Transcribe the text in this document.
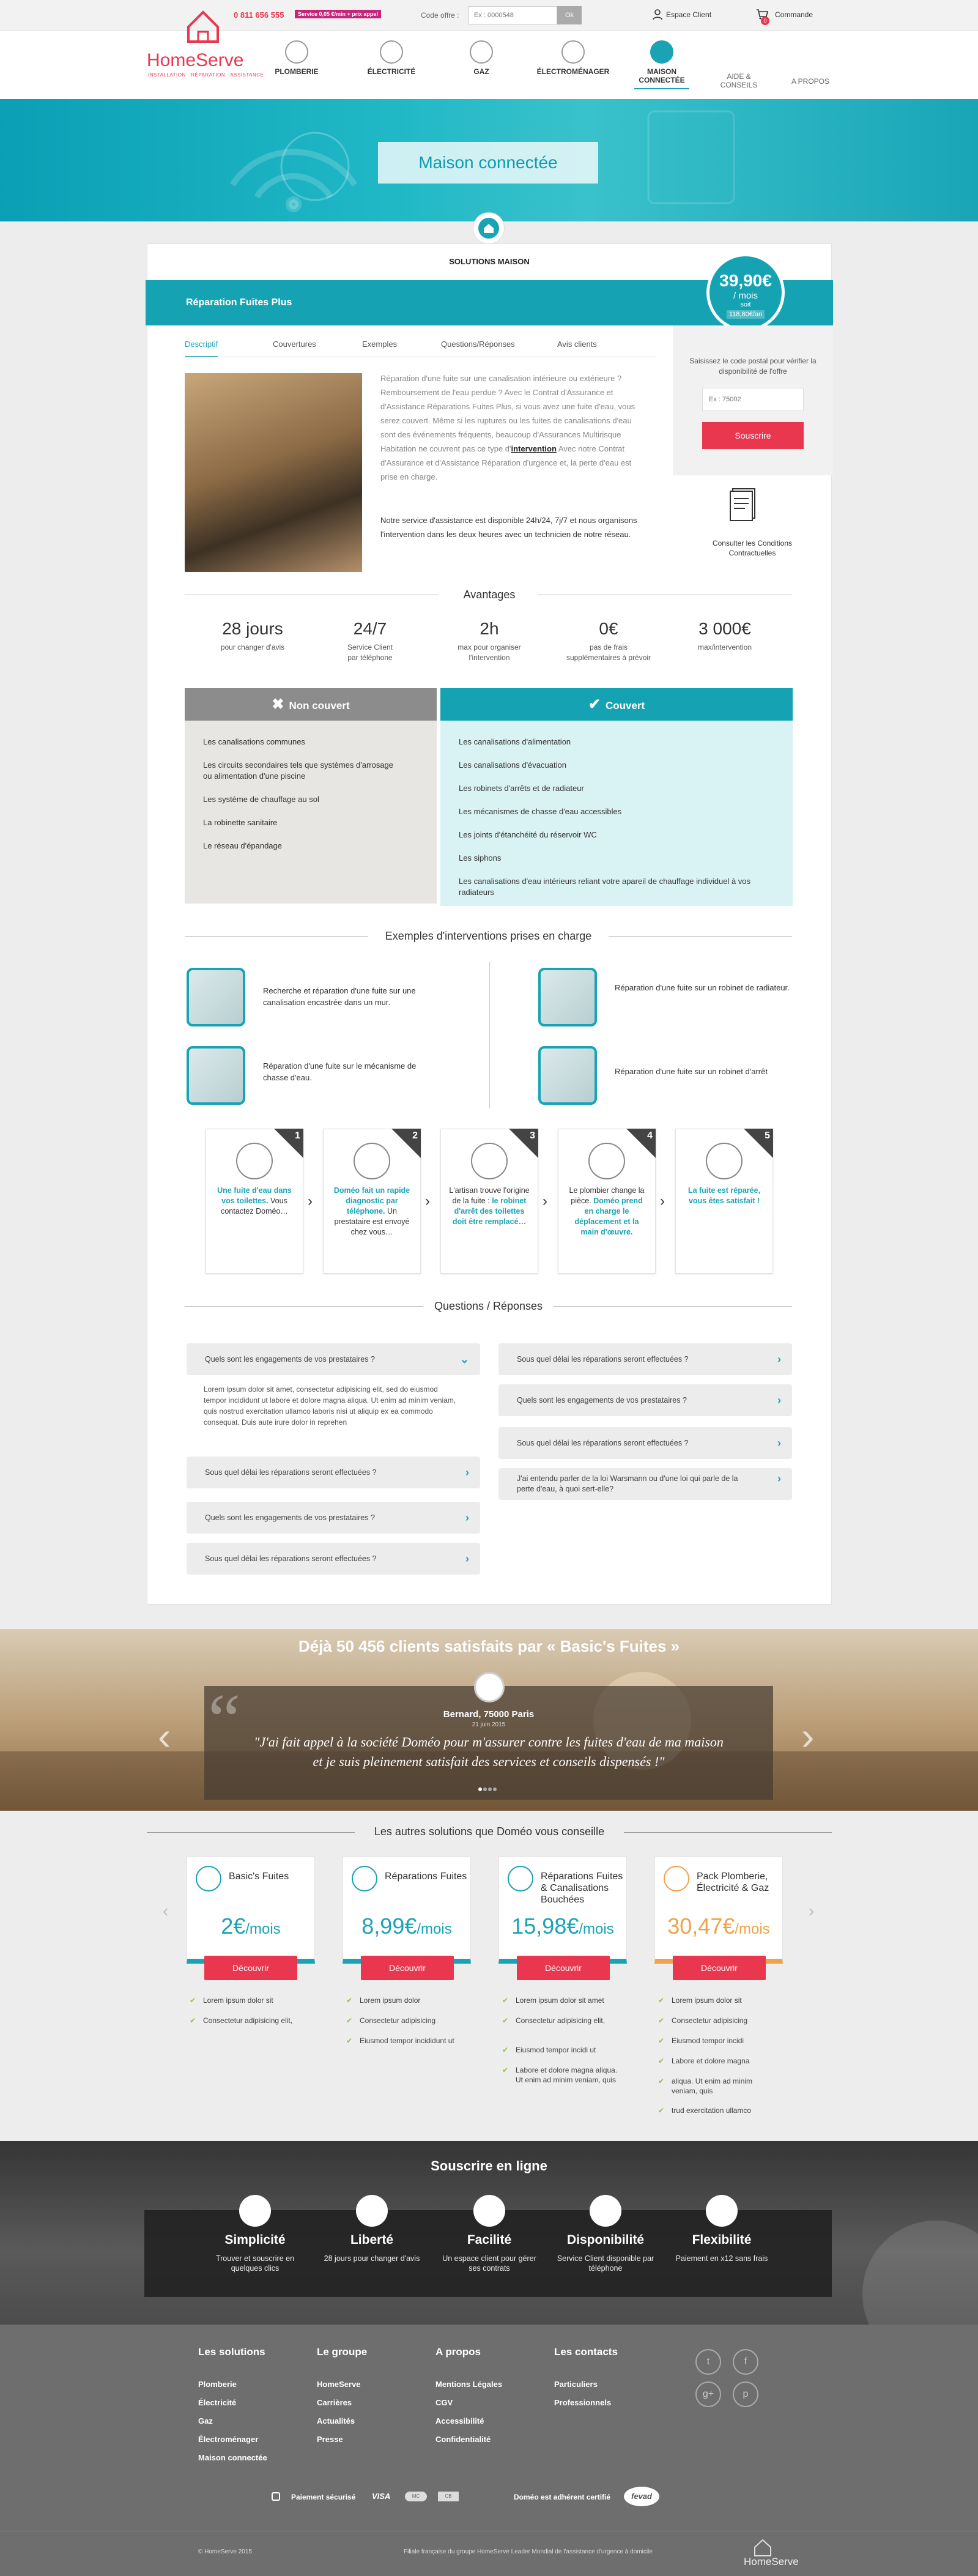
0 811 656 555	Service 0,05 €/min + prix appel	Code offre :
Ex : 0000548	Ok	Espace Client
0
Commande
HomeServe
INSTALLATION · RÉPARATION · ASSISTANCE	PLOMBERIE	ÉLECTRICITÉ	GAZ	ÉLECTROMÉNAGER	MAISON CONNECTÉE	AIDE & CONSEILS	A PROPOS
Maison connectée
SOLUTIONS MAISON
Réparation Fuites Plus
39,90€
/ mois
soit
118,80€/an
Descriptif	Couvertures	Exemples	Questions/Réponses	Avis clients
Saisissez le code postal pour vérifier la disponibilité de l'offre
Ex : 75002
Souscrire
Consulter les Conditions Contractuelles
Réparation d'une fuite sur une canalisation intérieure ou extérieure ? Remboursement de l'eau perdue ? Avec le Contrat d'Assurance et d'Assistance Réparations Fuites Plus, si vous avez une fuite d'eau, vous serez couvert. Même si les ruptures ou les fuites de canalisations d'eau sont des événements fréquents, beaucoup d'Assurances Multirisque Habitation ne couvrent pas ce type d'intervention Avec notre Contrat d'Assurance et d'Assistance Réparation d'urgence et, la perte d'eau est prise en charge.
Notre service d'assistance est disponible 24h/24, 7j/7 et nous organisons l'intervention dans les deux heures avec un technicien de notre réseau.
Avantages
28 jours
pour changer d'avis
24/7
Service Client par téléphone
2h
max pour organiser l'intervention
0€
pas de frais supplémentaires à prévoir
3 000€
max/intervention
✖ Non couvert
Les canalisations communes
Les circuits secondaires tels que systèmes d'arrosage ou alimentation d'une piscine
Les système de chauffage au sol
La robinette sanitaire
Le réseau d'épandage
✔ Couvert
Les canalisations d'alimentation
Les canalisations d'évacuation
Les robinets d'arrêts et de radiateur
Les mécanismes de chasse d'eau accessibles
Les joints d'étanchéité du réservoir WC
Les siphons
Les canalisations d'eau intérieurs reliant votre apareil de chauffage individuel à vos radiateurs
Exemples d'interventions prises en charge
Recherche et réparation d'une fuite sur une canalisation encastrée dans un mur.
Réparation d'une fuite sur un robinet de radiateur.
Réparation d'une fuite sur le mécanisme de chasse d'eau.
Réparation d'une fuite sur un robinet d'arrêt
1
Une fuite d'eau dans vos toilettes. Vous contactez Doméo…
›
2
Doméo fait un rapide diagnostic par téléphone. Un prestataire est envoyé chez vous…
›
3
L'artisan trouve l'origine de la fuite : le robinet d'arrêt des toilettes doit être remplacé…
›
4
Le plombier change la pièce. Doméo prend en charge le déplacement et la main d'œuvre.
›
5
La fuite est réparée, vous êtes satisfait !
Questions / Réponses
Quels sont les engagements de vos prestataires ?	⌄
Lorem ipsum dolor sit amet, consectetur adipisicing elit, sed do eiusmod tempor incididunt ut labore et dolore magna aliqua. Ut enim ad minim veniam, quis nostrud exercitation ullamco laboris nisi ut aliquip ex ea commodo consequat. Duis aute irure dolor in reprehen
Sous quel délai les réparations seront effectuées ?	›
Quels sont les engagements de vos prestataires ?	›
Sous quel délai les réparations seront effectuées ?	›
Sous quel délai les réparations seront effectuées ?	›
Quels sont les engagements de vos prestataires ?	›
Sous quel délai les réparations seront effectuées ?	›
J'ai entendu parler de la loi Warsmann ou d'une loi qui parle de la perte d'eau, à quoi sert-elle?
›
Déjà 50 456 clients satisfaits par « Basic's Fuites »
“	Bernard, 75000 Paris
21 juin 2015
"J'ai fait appel à la société Doméo pour m'assurer contre les fuites d'eau de ma maison et je suis pleinement satisfait des services et conseils dispensés !"
‹	›
Les autres solutions que Doméo vous conseille
‹	›
Basic's Fuites
2€/mois
Réparations Fuites
8,99€/mois
Réparations Fuites & Canalisations Bouchées
15,98€/mois
Pack Plomberie, Électricité & Gaz
30,47€/mois
Découvrir	Découvrir	Découvrir	Découvrir
✔ Lorem ipsum dolor sit
✔ Consectetur adipisicing elit,
✔ Lorem ipsum dolor
✔ Consectetur adipisicing
✔ Eiusmod tempor incididunt ut
✔ Lorem ipsum dolor sit amet
✔ Consectetur adipisicing elit,
✔ Eiusmod tempor incidi ut
✔ Labore et dolore magna aliqua. Ut enim ad minim veniam, quis
✔ Lorem ipsum dolor sit
✔ Consectetur adipisicing
✔ Eiusmod tempor incidi
✔ Labore et dolore magna
✔ aliqua. Ut enim ad minim veniam, quis
✔ trud exercitation ullamco
Souscrire en ligne
Simplicité
Trouver et souscrire en quelques clics
Liberté
28 jours pour changer d'avis
Facilité
Un espace client pour gérer ses contrats
Disponibilité
Service Client disponible par téléphone
Flexibilité
Paiement en x12 sans frais
Les solutions
Plomberie
Électricité
Gaz
Électroménager
Maison connectée
Le groupe
HomeServe
Carrières
Actualités
Presse
A propos
Mentions Légales
CGV
Accessibilité
Confidentialité
Les contacts
Particuliers
Professionnels
t	f
g+	p
Paiement sécurisé VISA	MC	CB	Doméo est adhérent certifié	fevad
© HomeServe 2015	Filiale française du groupe HomeServe Leader Mondial de l'assistance d'urgence à domicile
HomeServe
